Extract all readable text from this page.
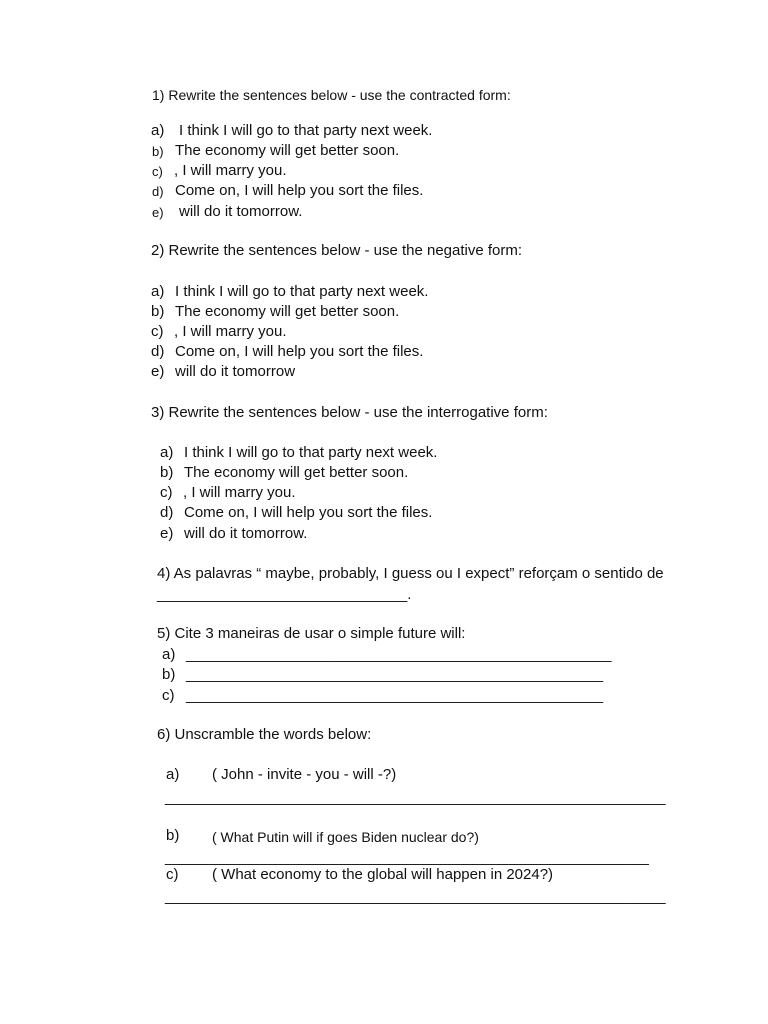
1) Rewrite the sentences below - use the contracted form:
a) I think I will go to that party next week.
b) The economy will get better soon.
c) , I will marry you.
d) Come on, I will help you sort the files.
e) will do it tomorrow.
2) Rewrite the sentences below - use the negative form:
a) I think I will go to that party next week.
b) The economy will get better soon.
c) , I will marry you.
d) Come on, I will help you sort the files.
e) will do it tomorrow
3) Rewrite the sentences below - use the interrogative form:
a) I think I will go to that party next week.
b) The economy will get better soon.
c) , I will marry you.
d) Come on, I will help you sort the files.
e) will do it tomorrow.
4) As palavras “ maybe, probably, I guess ou I expect” reforçam o sentido de
______________________________.
5) Cite 3 maneiras de usar o simple future will:
a) ___________________________________________________
b) __________________________________________________
c) __________________________________________________
6) Unscramble the words below:
a) ( John - invite - you - will -?)
____________________________________________________________
b) ( What Putin will if goes Biden nuclear do?)
__________________________________________________________
c) ( What economy to the global will happen in 2024?)
____________________________________________________________
